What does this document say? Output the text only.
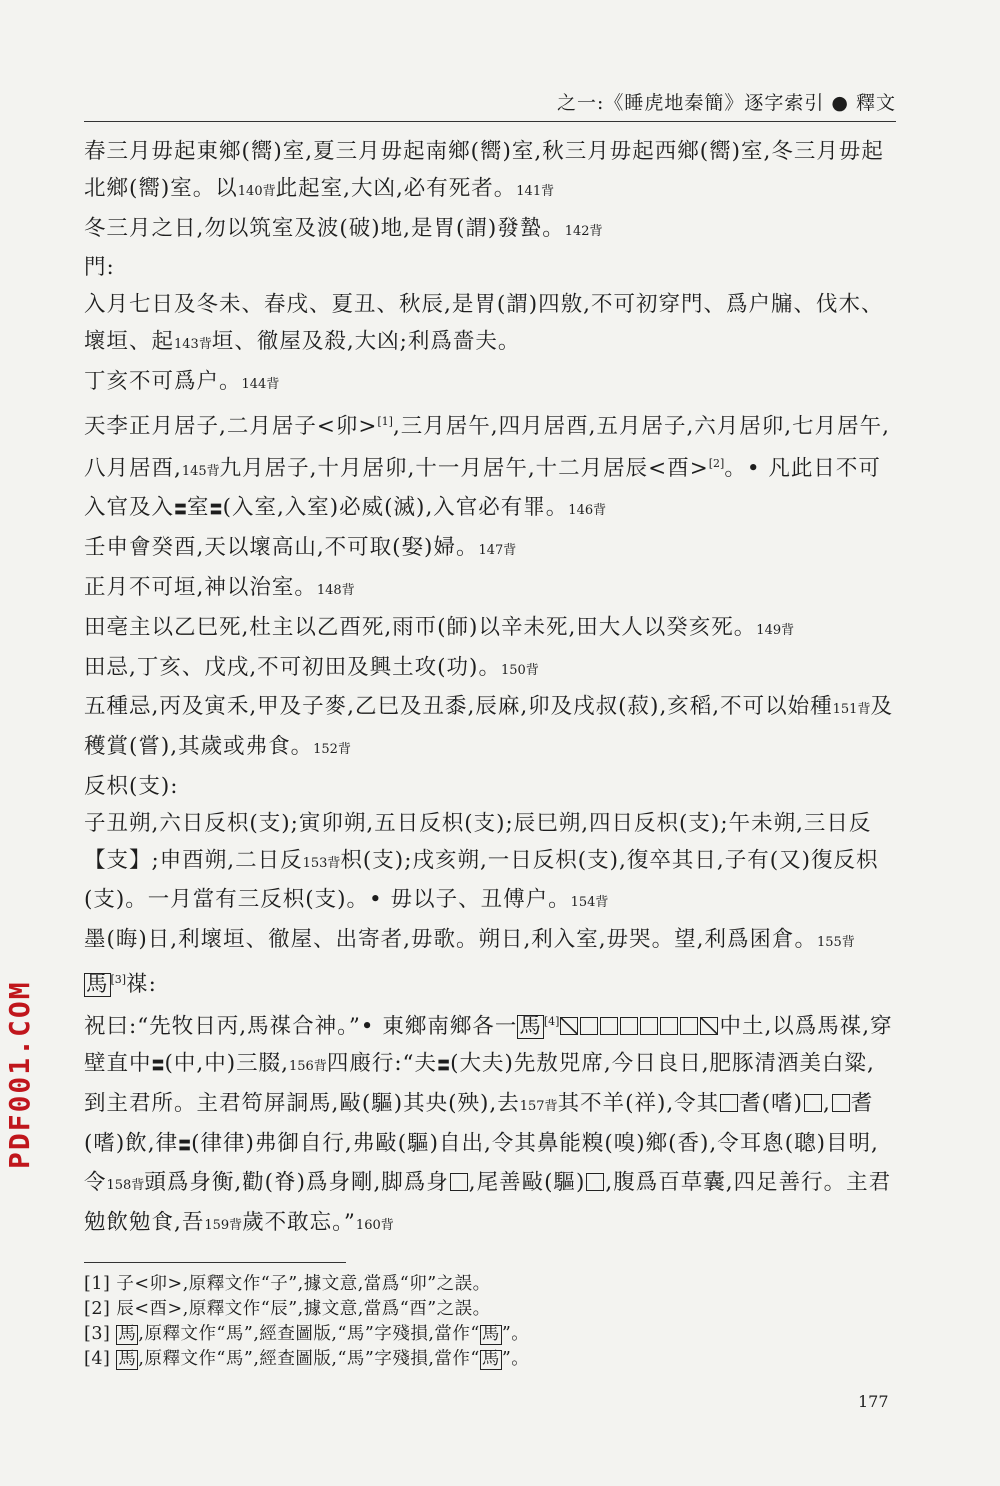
之一:《睡虎地秦簡》逐字索引 ● 釋文

春三月毋起東鄉(嚮)室,夏三月毋起南鄉(嚮)室,秋三月毋起西鄉(嚮)室,冬三月毋起北鄉(嚮)室。以140背此起室,大凶,必有死者。141背

冬三月之日,勿以筑室及波(破)地,是胃(謂)發蟄。142背

門:

入月七日及冬未、春戌、夏丑、秋辰,是胃(謂)四敫,不可初穿門、爲户牖、伐木、壞垣、起143背垣、徹屋及殺,大凶;利爲嗇夫。

丁亥不可爲户。144背

天李正月居子,二月居子<卯>[1],三月居午,四月居酉,五月居子,六月居卯,七月居午,八月居酉,145背九月居子,十月居卯,十一月居午,十二月居辰<酉>[2]。• 凡此日不可入官及入〓室〓(入室,入室)必威(滅),入官必有罪。146背

壬申會癸酉,天以壞高山,不可取(娶)婦。147背

正月不可垣,神以治室。148背

田亳主以乙巳死,杜主以乙酉死,雨帀(師)以辛未死,田大人以癸亥死。149背

田忌,丁亥、戊戌,不可初田及興土攻(功)。150背

五種忌,丙及寅禾,甲及子麥,乙巳及丑黍,辰麻,卯及戌叔(菽),亥稻,不可以始種151背及穫賞(嘗),其歲或弗食。152背

反枳(支):

子丑朔,六日反枳(支);寅卯朔,五日反枳(支);辰巳朔,四日反枳(支);午未朔,三日反【支】;申酉朔,二日反153背枳(支);戌亥朔,一日反枳(支),復卒其日,子有(又)復反枳(支)。一月當有三反枳(支)。• 毋以子、丑傅户。154背

墨(晦)日,利壞垣、徹屋、出寄者,毋歌。朔日,利入室,毋哭。望,利爲囷倉。155背

馬 [3]禖:

祝曰:“先牧日丙,馬禖合神。”• 東鄉南鄉各一馬 [4]	中土,以爲馬禖,穿壁直中〓(中,中)三腏,156背四廄行:“夫〓(大夫)先敖兕席,今日良日,肥豚清酒美白粱,到主君所。主君笱屏詷馬,敺(驅)其央(殃),去157背其不羊(祥),令其 耆(嗜) , 耆(嗜)飲,律〓(律律)弗御自行,弗敺(驅)自出,令其鼻能糗(嗅)鄉(香),令耳悤(聰)目明,令158背頭爲身衡,勸(脊)爲身剛,脚爲身 ,尾善敺(驅) ,腹爲百草囊,四足善行。主君勉飲勉食,吾159背歲不敢忘。”160背

[1] 子<卯>,原釋文作“子”,據文意,當爲“卯”之誤。

[2] 辰<酉>,原釋文作“辰”,據文意,當爲“酉”之誤。

[3] 馬 ,原釋文作“馬”,經查圖版,“馬”字殘損,當作“ 馬 ”。

[4] 馬 ,原釋文作“馬”,經查圖版,“馬”字殘損,當作“ 馬 ”。

177
PDF001.COM
